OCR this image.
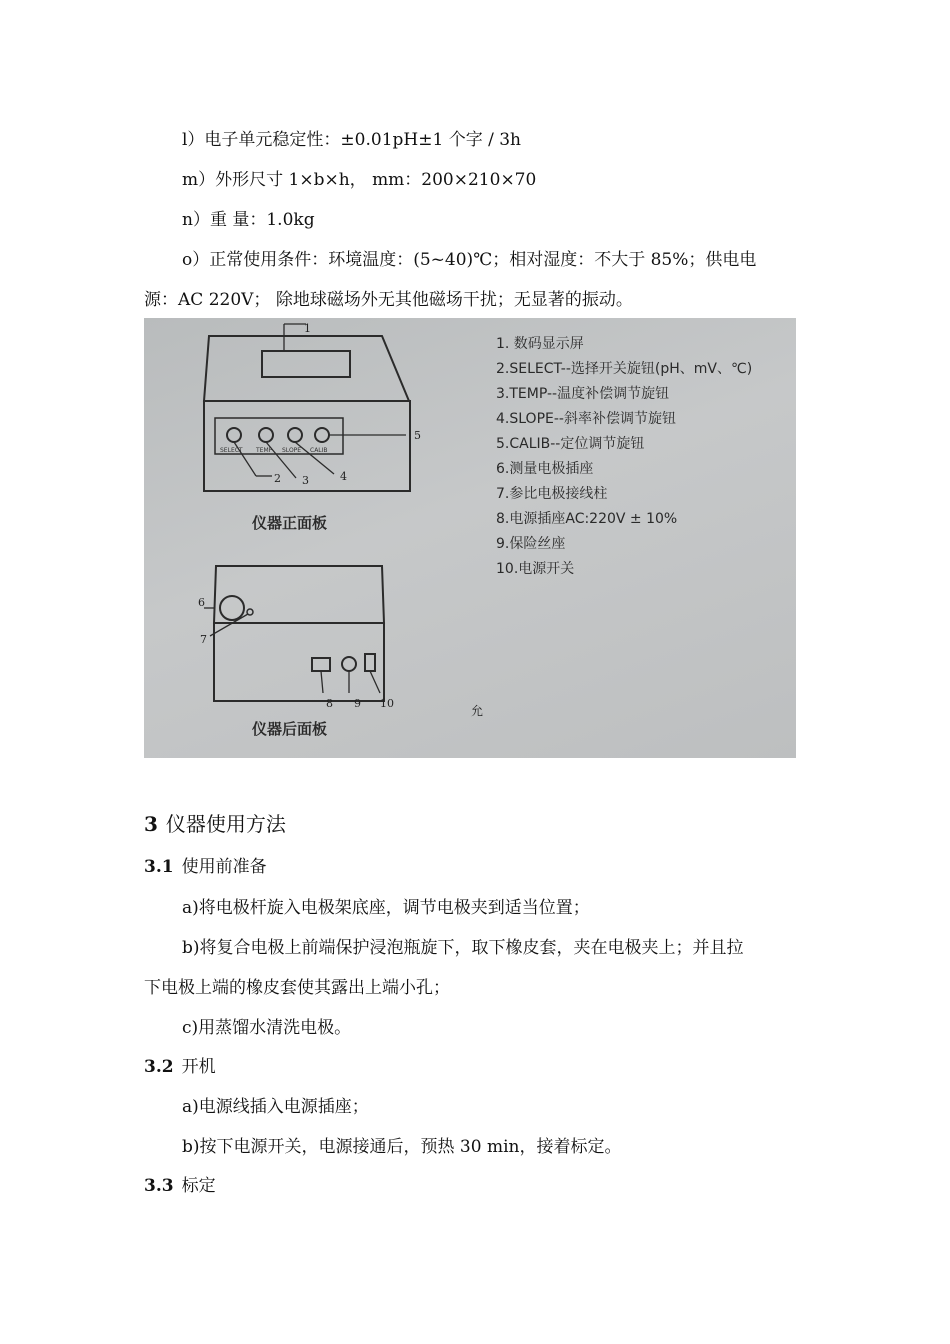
l）电子单元稳定性：±0.01pH±1 个字 / 3h
m）外形尺寸 1×b×h， mm：200×210×70
n）重 量：1.0kg
o）正常使用条件：环境温度：(5~40)℃；相对湿度：不大于 85%；供电电
源：AC 220V； 除地球磁场外无其他磁场干扰；无显著的振动。
SELECT TEMP SLOPE CALIB
1
2 3	4
5
6
7
8 9 10
允
仪器正面板
仪器后面板
1. 数码显示屏
2.SELECT--选择开关旋钮(pH、mV、℃)
3.TEMP--温度补偿调节旋钮
4.SLOPE--斜率补偿调节旋钮
5.CALIB--定位调节旋钮
6.测量电极插座
7.参比电极接线柱
8.电源插座AC:220V ± 10%
9.保险丝座
10.电源开关
3 仪器使用方法
3.1 使用前准备
a)将电极杆旋入电极架底座，调节电极夹到适当位置；
b)将复合电极上前端保护浸泡瓶旋下，取下橡皮套，夹在电极夹上；并且拉
下电极上端的橡皮套使其露出上端小孔；
c)用蒸馏水清洗电极。
3.2 开机
a)电源线插入电源插座；
b)按下电源开关，电源接通后，预热 30 min，接着标定。
3.3 标定
